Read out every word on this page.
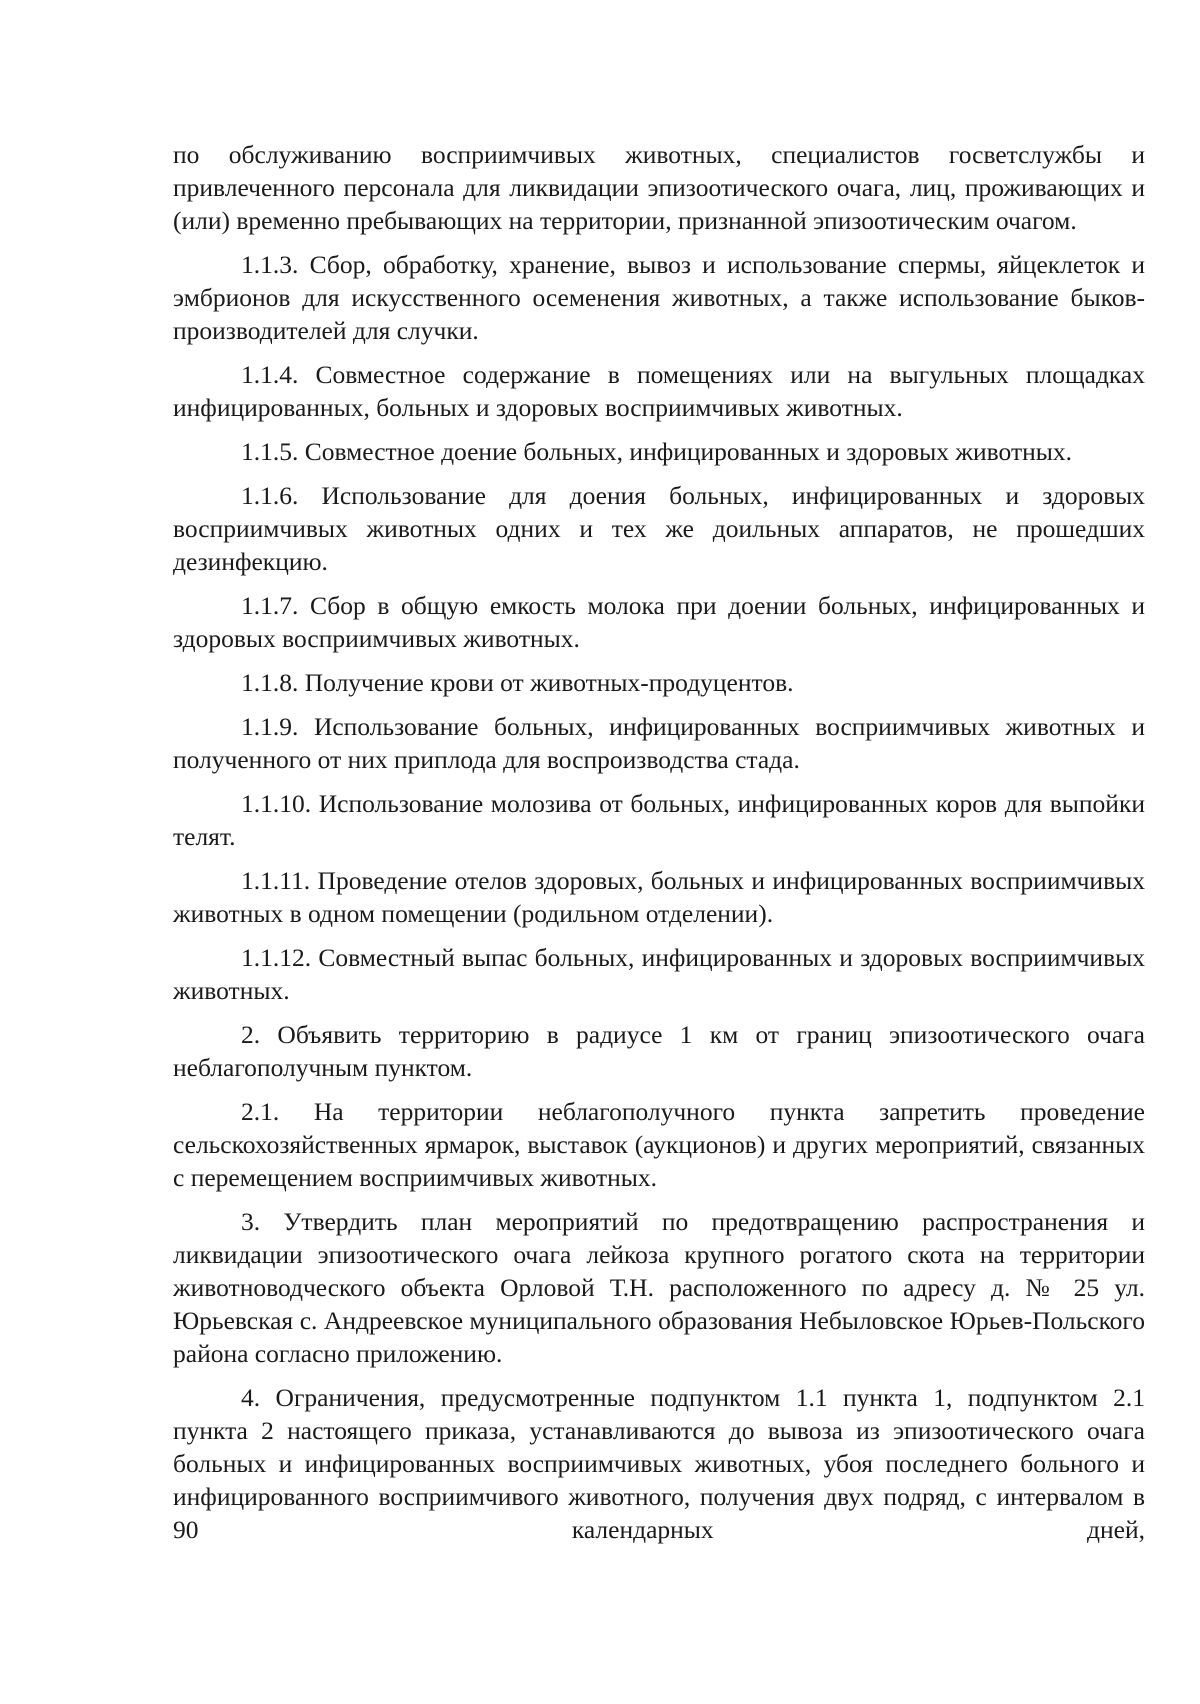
по обслуживанию восприимчивых животных, специалистов госветслужбы и привлеченного персонала для ликвидации эпизоотического очага, лиц, проживающих и (или) временно пребывающих на территории, признанной эпизоотическим очагом.

1.1.3. Сбор, обработку, хранение, вывоз и использование спермы, яйцеклеток и эмбрионов для искусственного осеменения животных, а также использование быков-производителей для случки.

1.1.4. Совместное содержание в помещениях или на выгульных площадках инфицированных, больных и здоровых восприимчивых животных.

1.1.5. Совместное доение больных, инфицированных и здоровых животных.

1.1.6. Использование для доения больных, инфицированных и здоровых восприимчивых животных одних и тех же доильных аппаратов, не прошедших дезинфекцию.

1.1.7. Сбор в общую емкость молока при доении больных, инфицированных и здоровых восприимчивых животных.

1.1.8. Получение крови от животных-продуцентов.

1.1.9. Использование больных, инфицированных восприимчивых животных и полученного от них приплода для воспроизводства стада.

1.1.10. Использование молозива от больных, инфицированных коров для выпойки телят.

1.1.11. Проведение отелов здоровых, больных и инфицированных восприимчивых животных в одном помещении (родильном отделении).

1.1.12. Совместный выпас больных, инфицированных и здоровых восприимчивых животных.

2. Объявить территорию в радиусе 1 км от границ эпизоотического очага неблагополучным пунктом.

2.1. На территории неблагополучного пункта запретить проведение сельскохозяйственных ярмарок, выставок (аукционов) и других мероприятий, связанных с перемещением восприимчивых животных.

3. Утвердить план мероприятий по предотвращению распространения и ликвидации эпизоотического очага лейкоза крупного рогатого скота на территории животноводческого объекта Орловой Т.Н. расположенного по адресу д. № 25 ул. Юрьевская с. Андреевское муниципального образования Небыловское Юрьев-Польского района согласно приложению.

4. Ограничения, предусмотренные подпунктом 1.1 пункта 1, подпунктом 2.1 пункта 2 настоящего приказа, устанавливаются до вывоза из эпизоотического очага больных и инфицированных восприимчивых животных, убоя последнего больного и инфицированного восприимчивого животного, получения двух подряд, с интервалом в 90 календарных дней,
